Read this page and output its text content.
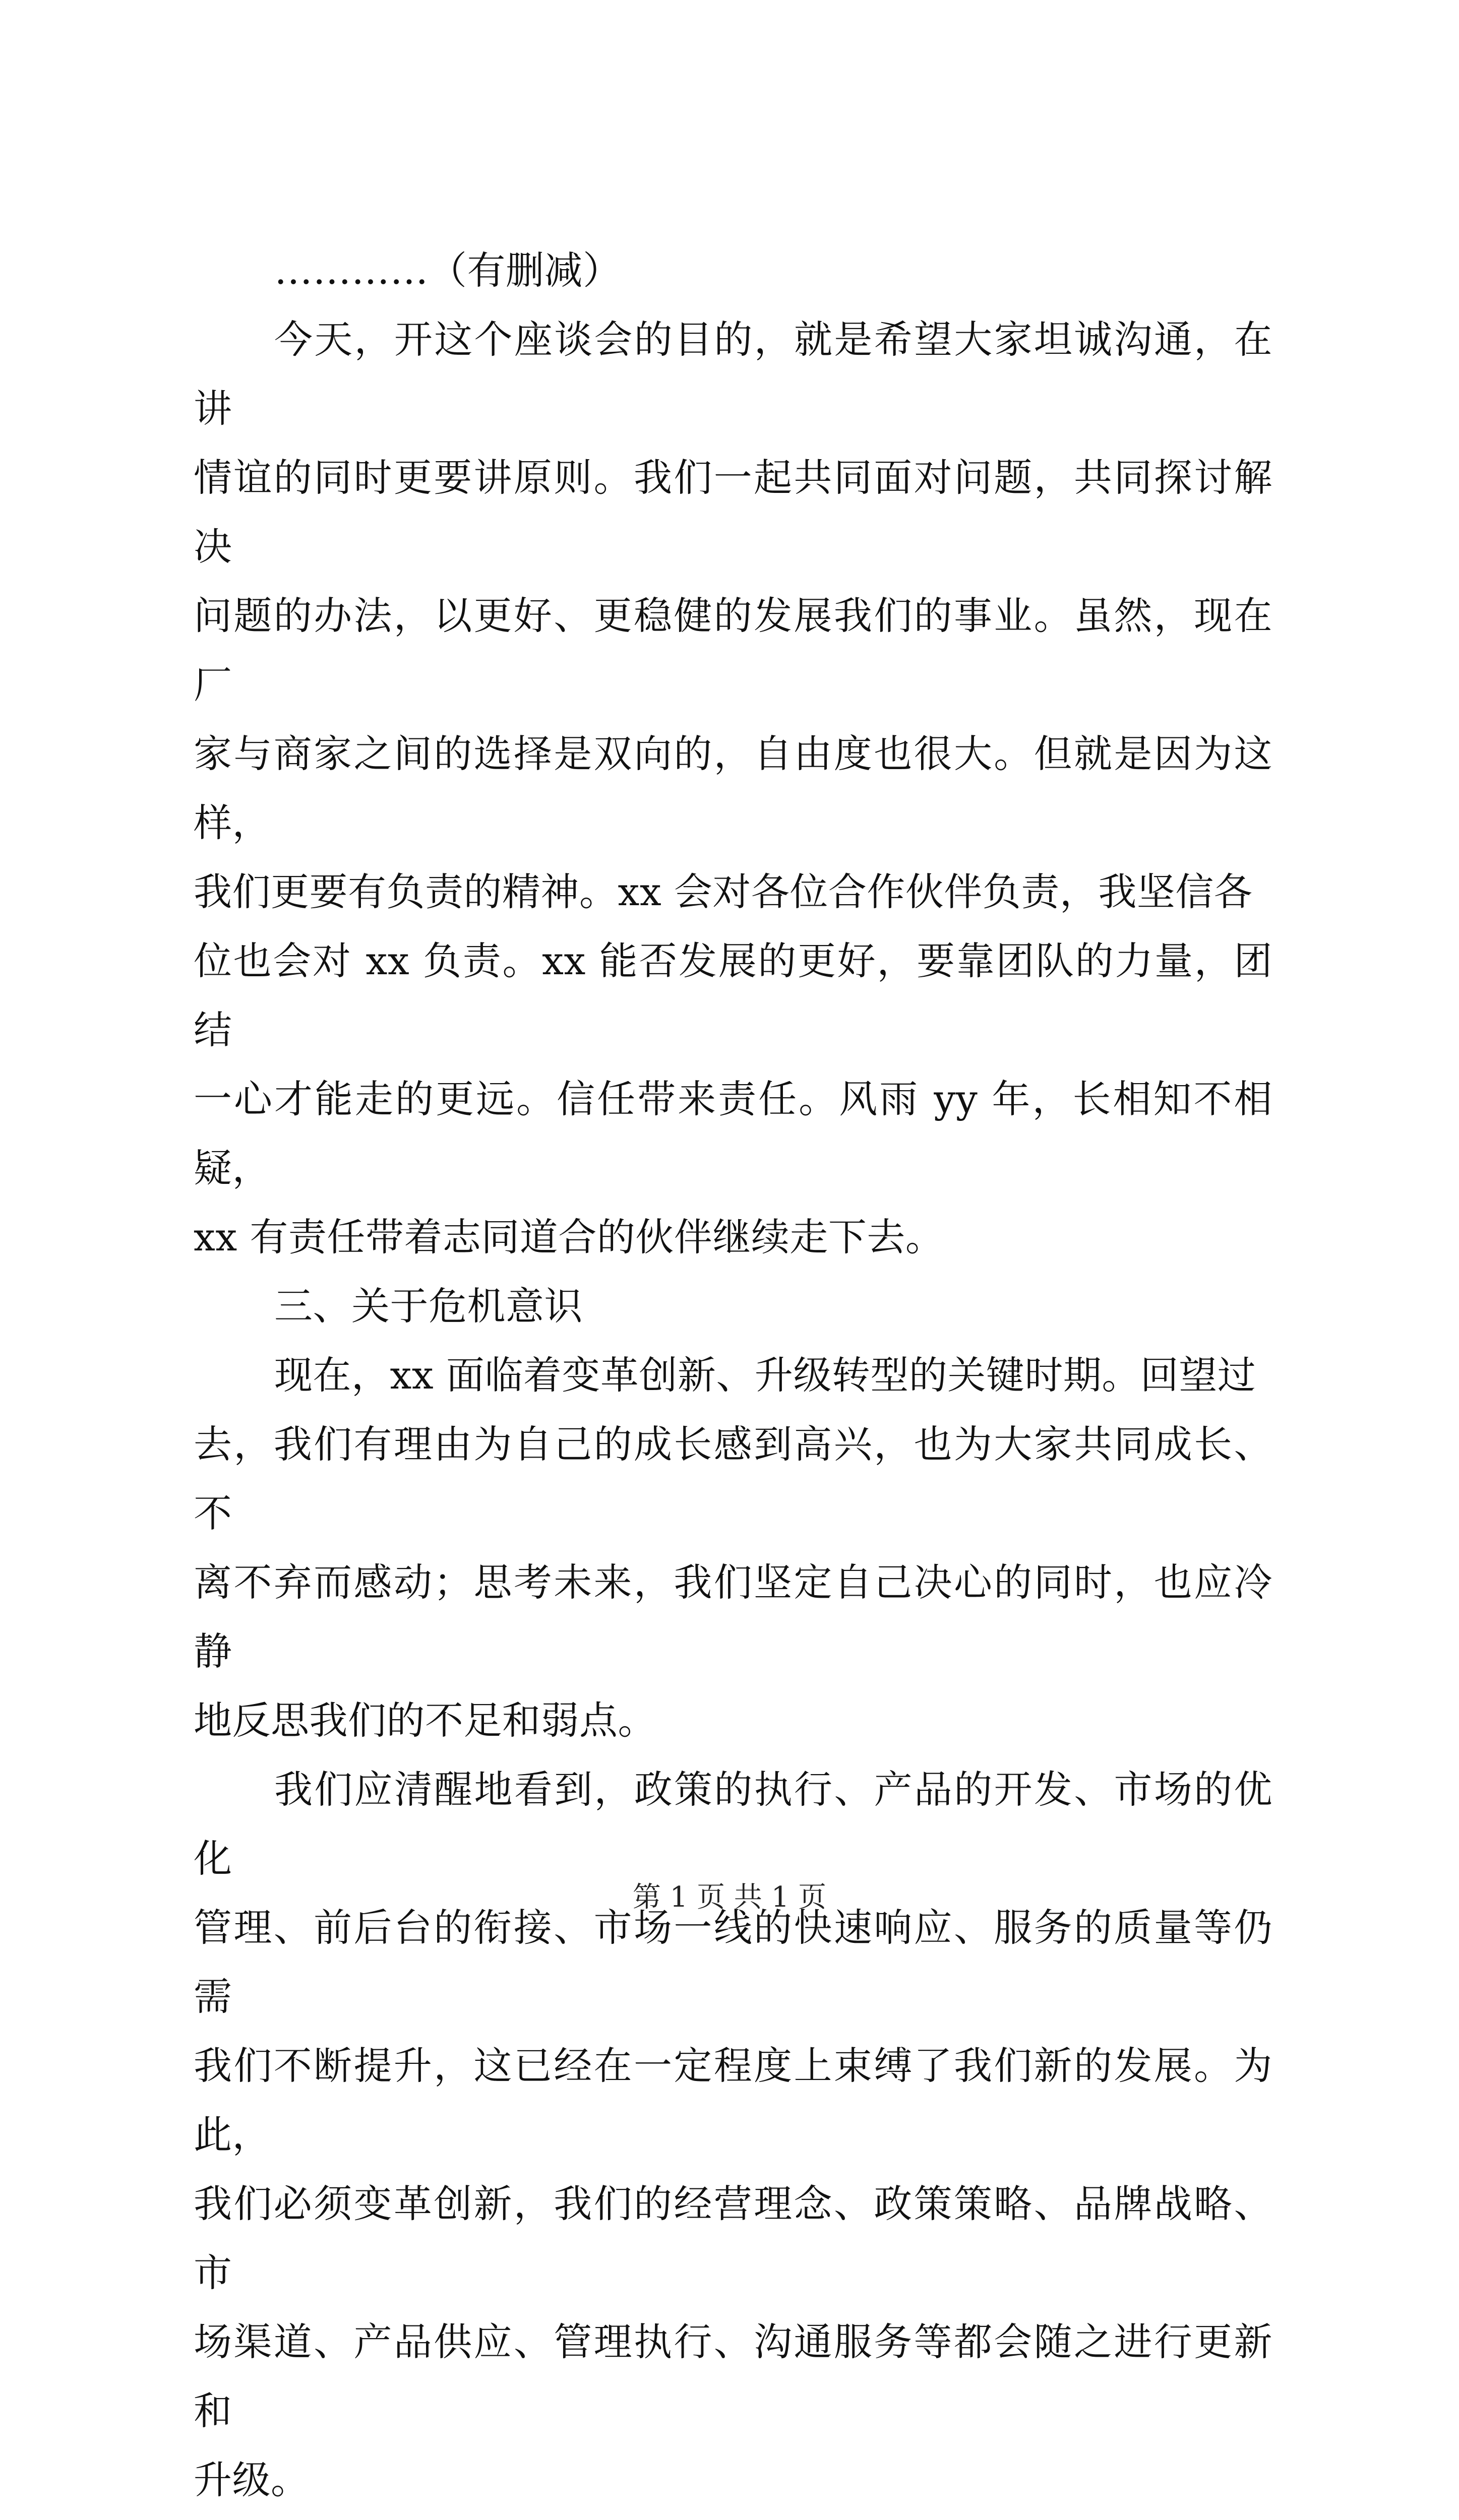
…………（有删减）

今天，开这个座谈会的目的，就是希望大家坦诚沟通，在讲
情谊的同时更要讲原则。我们一起共同面对问题，共同探讨解决
问题的办法，以更好、更稳健的发展我们的事业。虽然，现在厂
家与商家之间的选择是双向的，自由度也很大。但就是因为这样，
我们更要有负责的精神。xx 会对各位合作伙伴负责，我坚信各
位也会对 xx 负责。xx 能否发展的更好，要靠团队的力量，团结
一心才能走的更远。信任带来责任。风雨 yy 年，长相知不相疑，
xx 有责任带着志同道合的伙伴继续走下去。

三、关于危机意识

现在，xx 面临着变革创新、升级转型的关键时期。回望过
去，我们有理由为自己的成长感到高兴，也为大家共同成长、不
离不弃而感动；思考未来，我们坚定自己决心的同时，也应冷静
地反思我们的不足和弱点。

我们应清醒地看到，政策的执行、产品的开发、市场的优化
管理、前后台的衔接、市场一线的快速响应、服务的质量等仍需
我们不断提升，这已经在一定程度上束缚了我们新的发展。为此，
我们必须变革创新，我们的经营理念、政策策略、品牌战略、市
场渠道、产品供应、管理执行、沟通服务等都会随之进行更新和
升级。

第 1 页 共 1 页
